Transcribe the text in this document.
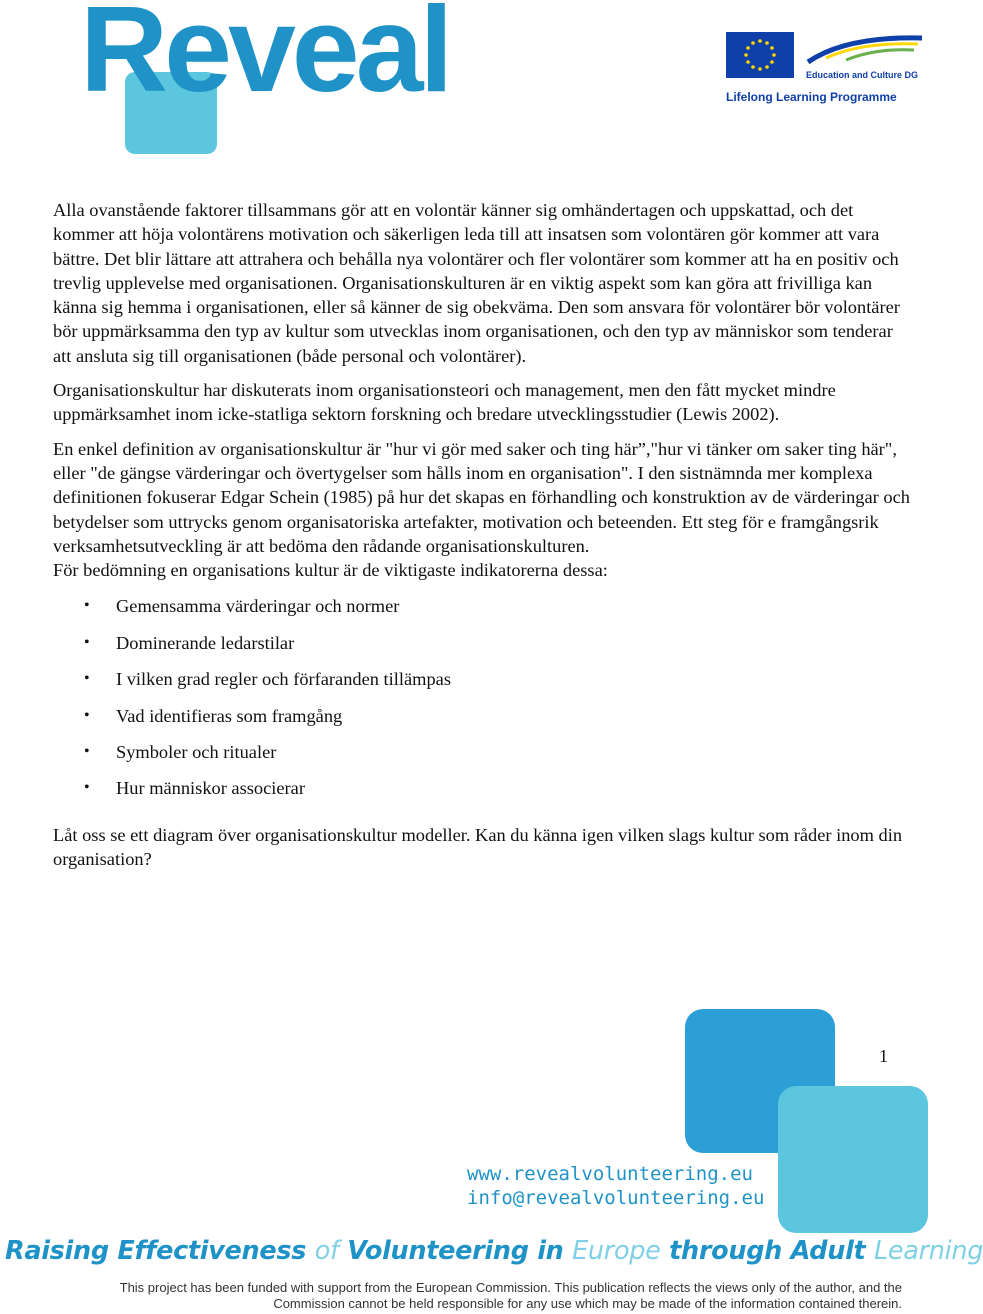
Reveal	Education and Culture DG
Lifelong Learning Programme

Alla ovanstående faktorer tillsammans gör att en volontär känner sig omhändertagen och uppskattad, och det kommer att höja volontärens motivation och säkerligen leda till att insatsen som volontären gör kommer att vara bättre. Det blir lättare att attrahera och behålla nya volontärer och fler volontärer som kommer att ha en positiv och trevlig upplevelse med organisationen. Organisationskulturen är en viktig aspekt som kan göra att frivilliga kan känna sig hemma i organisationen, eller så känner de sig obekväma. Den som ansvara för volontärer bör volontärer bör uppmärksamma den typ av kultur som utvecklas inom organisationen, och den typ av människor som tenderar att ansluta sig till organisationen (både personal och volontärer).

Organisationskultur har diskuterats inom organisationsteori och management, men den fått mycket mindre uppmärksamhet inom icke-statliga sektorn forskning och bredare utvecklingsstudier (Lewis 2002).

En enkel definition av organisationskultur är "hur vi gör med saker och ting här”,"hur vi tänker om saker ting här", eller "de gängse värderingar och övertygelser som hålls inom en organisation". I den sistnämnda mer komplexa definitionen fokuserar Edgar Schein (1985) på hur det skapas en förhandling och konstruktion av de värderingar och betydelser som uttrycks genom organisatoriska artefakter, motivation och beteenden. Ett steg för e framgångsrik verksamhetsutveckling är att bedöma den rådande organisationskulturen.

För bedömning en organisations kultur är de viktigaste indikatorerna dessa:

• Gemensamma värderingar och normer
• Dominerande ledarstilar
• I vilken grad regler och förfaranden tillämpas
• Vad identifieras som framgång
• Symboler och ritualer
• Hur människor associerar

Låt oss se ett diagram över organisationskultur modeller. Kan du känna igen vilken slags kultur som råder inom din organisation?

1
www.revealvolunteering.eu
info@revealvolunteering.eu
Raising Effectiveness of Volunteering in Europe through Adult Learning
This project has been funded with support from the European Commission. This publication reflects the views only of the author, and the
Commission cannot be held responsible for any use which may be made of the information contained therein.
